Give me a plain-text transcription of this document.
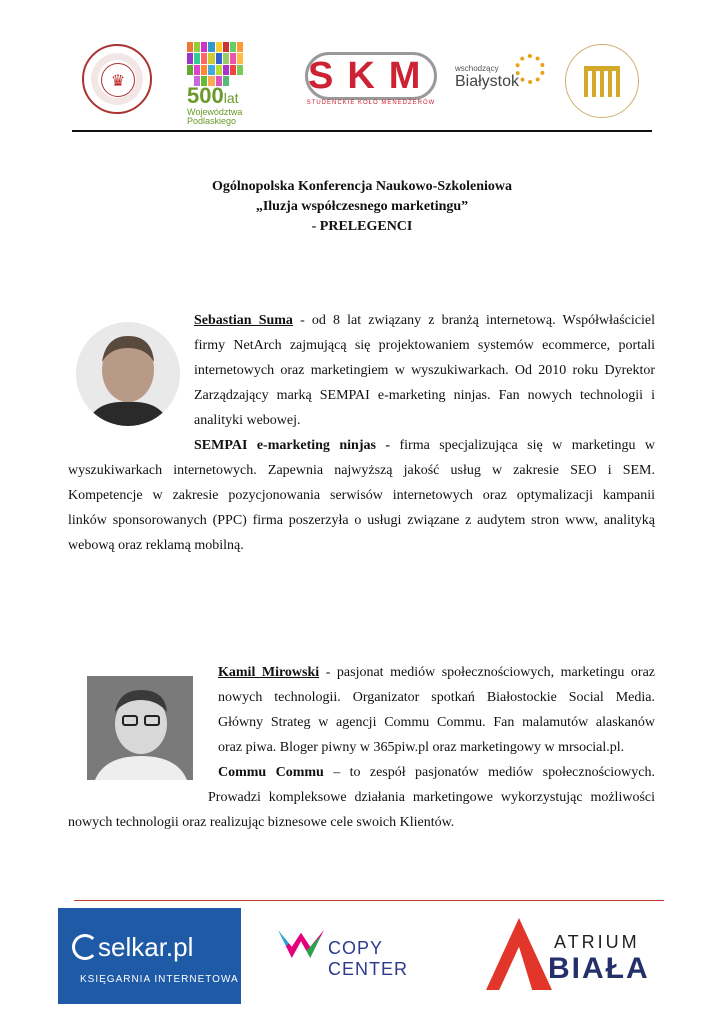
♛
500lat
Województwa
Podlaskiego
SKM
STUDENCKIE KOŁO MENEDŻERÓW
wschodzący
Białystok
Ogólnopolska Konferencja Naukowo-Szkoleniowa
„Iluzja współczesnego marketingu”
- PRELEGENCI
Sebastian Suma - od 8 lat związany z branżą internetową. Współwłaściciel
firmy NetArch zajmującą się projektowaniem systemów ecommerce, portali
internetowych oraz marketingiem w wyszukiwarkach. Od 2010 roku Dyrektor
Zarządzający marką SEMPAI e-marketing ninjas. Fan nowych technologii i
analityki webowej.
SEMPAI e-marketing ninjas - firma specjalizująca się w marketingu w
wyszukiwarkach internetowych. Zapewnia najwyższą jakość usług w zakresie SEO i SEM.
Kompetencje w zakresie pozycjonowania serwisów internetowych oraz optymalizacji kampanii
linków sponsorowanych (PPC) firma poszerzyła o usługi związane z audytem stron www, analityką
webową oraz reklamą mobilną.
Kamil Mirowski - pasjonat mediów społecznościowych, marketingu oraz
nowych technologii. Organizator spotkań Białostockie Social Media.
Główny Strateg w agencji Commu Commu. Fan malamutów alaskanów
oraz piwa. Bloger piwny w 365piw.pl oraz marketingowy w mrsocial.pl.
Commu Commu – to zespół pasjonatów mediów społecznościowych.
Prowadzi kompleksowe działania marketingowe wykorzystując możliwości
nowych technologii oraz realizując biznesowe cele swoich Klientów.
selkar.pl
KSIĘGARNIA INTERNETOWA
COPY CENTER
ATRIUM
BIAŁA
